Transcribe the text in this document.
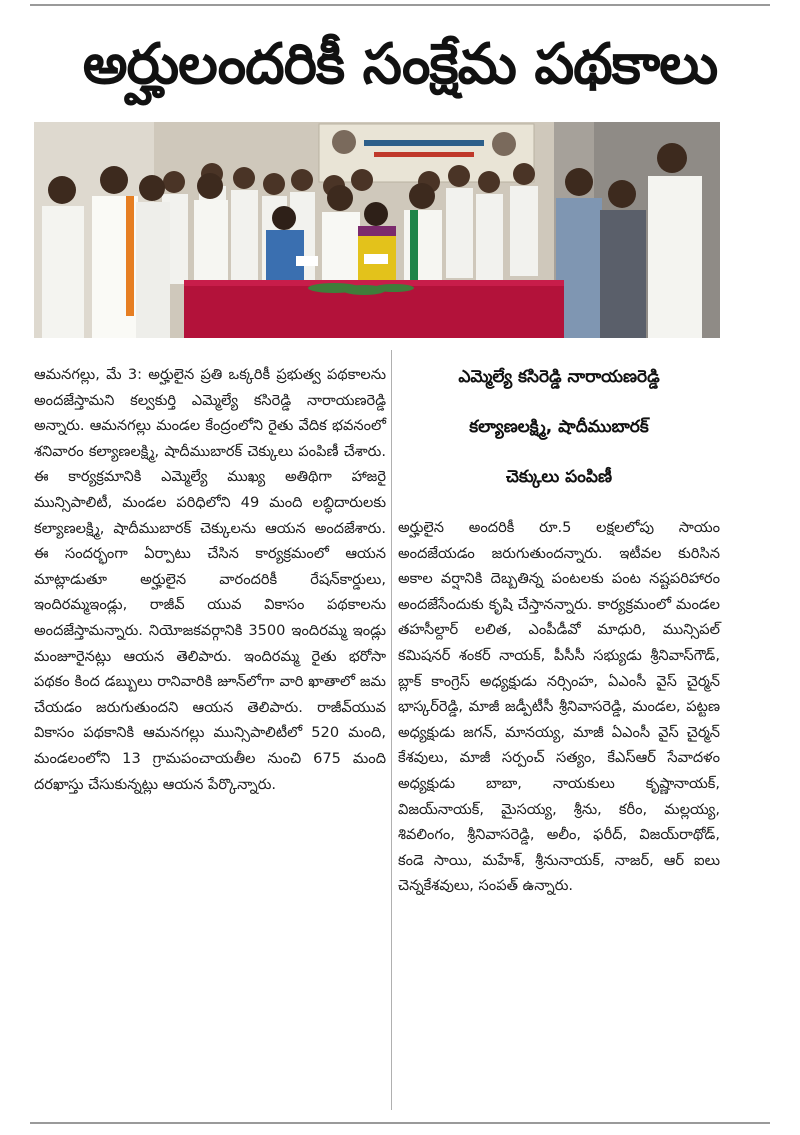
అర్హులందరికీ సంక్షేమ పథకాలు

ఆమనగల్లు, మే 3: అర్హులైన ప్రతి ఒక్కరికీ ప్రభుత్వ పథకాలను అందజేస్తామని కల్వకుర్తి ఎమ్మెల్యే కసిరెడ్డి నారాయణరెడ్డి అన్నారు. ఆమనగల్లు మండల కేంద్రంలోని రైతు వేదిక భవనంలో శనివారం కల్యాణలక్ష్మి, షాదీముబారక్ చెక్కులు పంపిణీ చేశారు. ఈ కార్యక్రమానికి ఎమ్మెల్యే ముఖ్య అతిథిగా హాజరై మున్సిపాలిటీ, మండల పరిధిలోని 49 మంది లబ్ధిదారులకు కల్యాణలక్ష్మి, షాదీముబారక్ చెక్కులను ఆయన అందజేశారు. ఈ సందర్భంగా ఏర్పాటు చేసిన కార్యక్రమంలో ఆయన మాట్లాడుతూ అర్హులైన వారందరికీ రేషన్‌కార్డులు, ఇందిరమ్మఇండ్లు, రాజీవ్ యువ వికాసం పథకాలను అందజేస్తామన్నారు. నియోజకవర్గానికి 3500 ఇందిరమ్మ ఇండ్లు మంజూరైనట్లు ఆయన తెలిపారు. ఇందిరమ్మ రైతు భరోసా పథకం కింద డబ్బులు రానివారికి జూన్‌లోగా వారి ఖాతాలో జమ చేయడం జరుగుతుందని ఆయన తెలిపారు. రాజీవ్‌యువ వికాసం పథకానికి ఆమనగల్లు మున్సిపాలిటీలో 520 మంది, మండలంలోని 13 గ్రామపంచాయతీల నుంచి 675 మంది దరఖాస్తు చేసుకున్నట్లు ఆయన పేర్కొన్నారు.

ఎమ్మెల్యే కసిరెడ్డి నారాయణరెడ్డి
కల్యాణలక్ష్మి, షాదీముబారక్
చెక్కులు పంపిణీ

అర్హులైన అందరికీ రూ.5 లక్షలలోపు సాయం అందజేయడం జరుగుతుందన్నారు. ఇటీవల కురిసిన అకాల వర్షానికి దెబ్బతిన్న పంటలకు పంట నష్టపరిహారం అందజేసేందుకు కృషి చేస్తానన్నారు. కార్యక్రమంలో మండల తహసీల్దార్ లలిత, ఎంపీడీవో మాధురి, మున్సిపల్ కమిషనర్ శంకర్ నాయక్, పీసీసీ సభ్యుడు శ్రీనివాస్‌గౌడ్, బ్లాక్ కాంగ్రెస్ అధ్యక్షుడు నర్సింహ, ఏఎంసీ వైస్ చైర్మన్ భాస్కర్‌రెడ్డి, మాజీ జడ్పీటీసీ శ్రీనివాసరెడ్డి, మండల, పట్టణ అధ్యక్షుడు జగన్, మానయ్య, మాజీ ఏఎంసీ వైస్ చైర్మన్ కేశవులు, మాజీ సర్పంచ్ సత్యం, కేఎస్ఆర్ సేవాదళం అధ్యక్షుడు బాబా, నాయకులు కృష్ణానాయక్, విజయ్‌నాయక్, మైసయ్య, శ్రీను, కరీం, మల్లయ్య, శివలింగం, శ్రీనివాసరెడ్డి, అలీం, ఫరీద్, విజయ్‌రాథోడ్, కండె సాయి, మహేశ్, శ్రీనునాయక్, నాజర్, ఆర్ ఐలు చెన్నకేశవులు, సంపత్ ఉన్నారు.
